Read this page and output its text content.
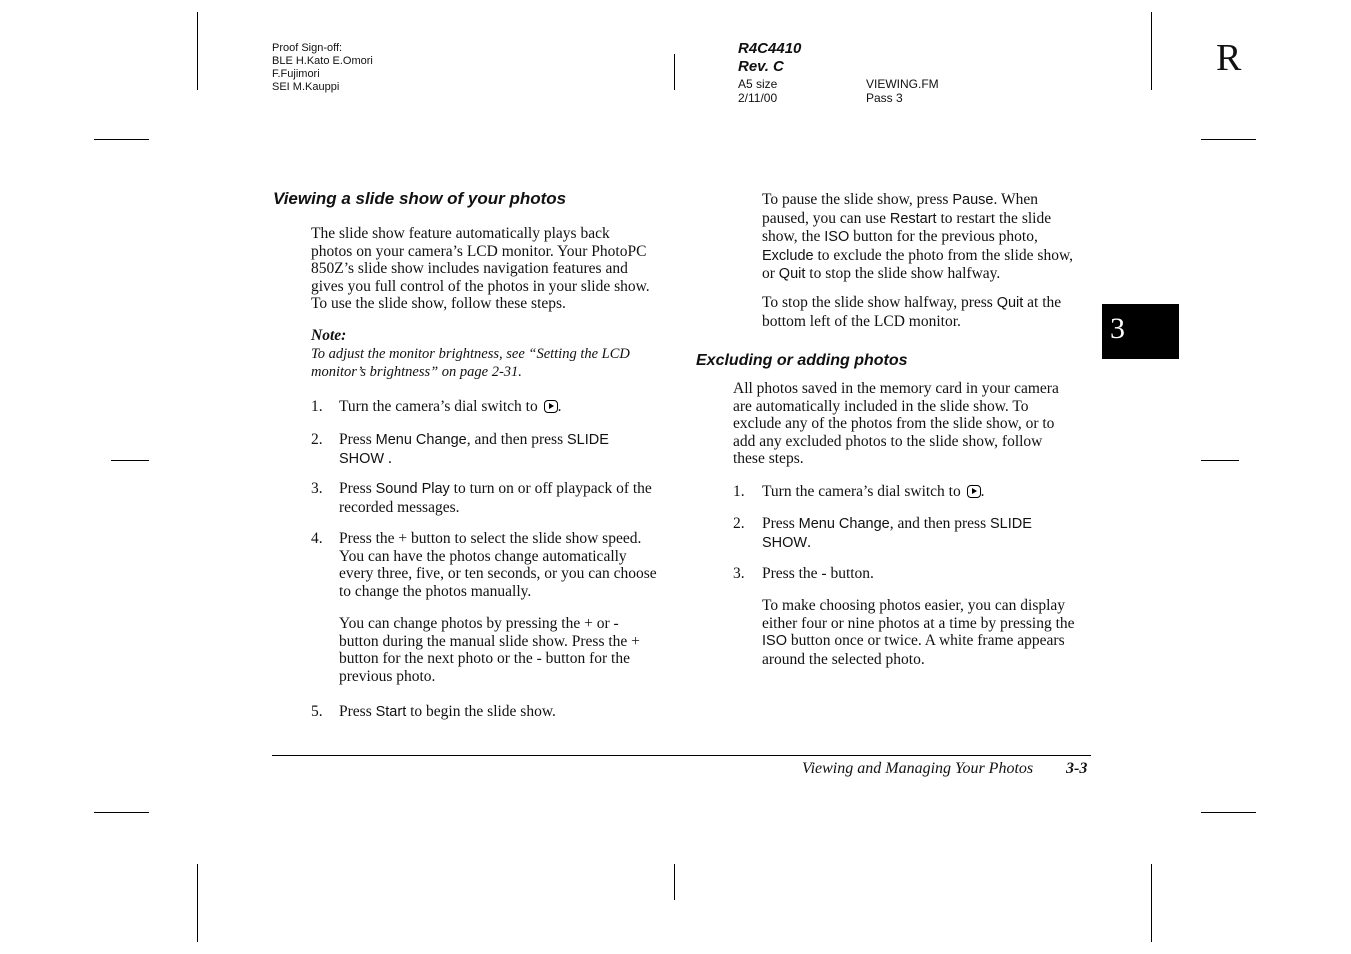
Proof Sign-off:
BLE H.Kato E.Omori
F.Fujimori
SEI M.Kauppi
R4C4410
Rev. C
A5 size
2/11/00
VIEWING.FM
Pass 3
R
3
Viewing a slide show of your photos
The slide show feature automatically plays back
photos on your camera’s LCD monitor. Your PhotoPC
850Z’s slide show includes navigation features and
gives you full control of the photos in your slide show.
To use the slide show, follow these steps.
Note:
To adjust the monitor brightness, see “Setting the LCD
monitor’s brightness” on page 2-31.
1. Turn the camera’s dial switch to .
2. Press Menu Change, and then press SLIDE
SHOW .
3. Press Sound Play to turn on or off playpack of the
recorded messages.
4. Press the + button to select the slide show speed.
You can have the photos change automatically
every three, five, or ten seconds, or you can choose
to change the photos manually.
You can change photos by pressing the + or -
button during the manual slide show. Press the +
button for the next photo or the - button for the
previous photo.
5. Press Start to begin the slide show.
To pause the slide show, press Pause. When
paused, you can use Restart to restart the slide
show, the ISO button for the previous photo,
Exclude to exclude the photo from the slide show,
or Quit to stop the slide show halfway.
To stop the slide show halfway, press Quit at the
bottom left of the LCD monitor.
Excluding or adding photos
All photos saved in the memory card in your camera
are automatically included in the slide show. To
exclude any of the photos from the slide show, or to
add any excluded photos to the slide show, follow
these steps.
1. Turn the camera’s dial switch to .
2. Press Menu Change, and then press SLIDE
SHOW.
3. Press the - button.
To make choosing photos easier, you can display
either four or nine photos at a time by pressing the
ISO button once or twice. A white frame appears
around the selected photo.
Viewing and Managing Your Photos 3-3
